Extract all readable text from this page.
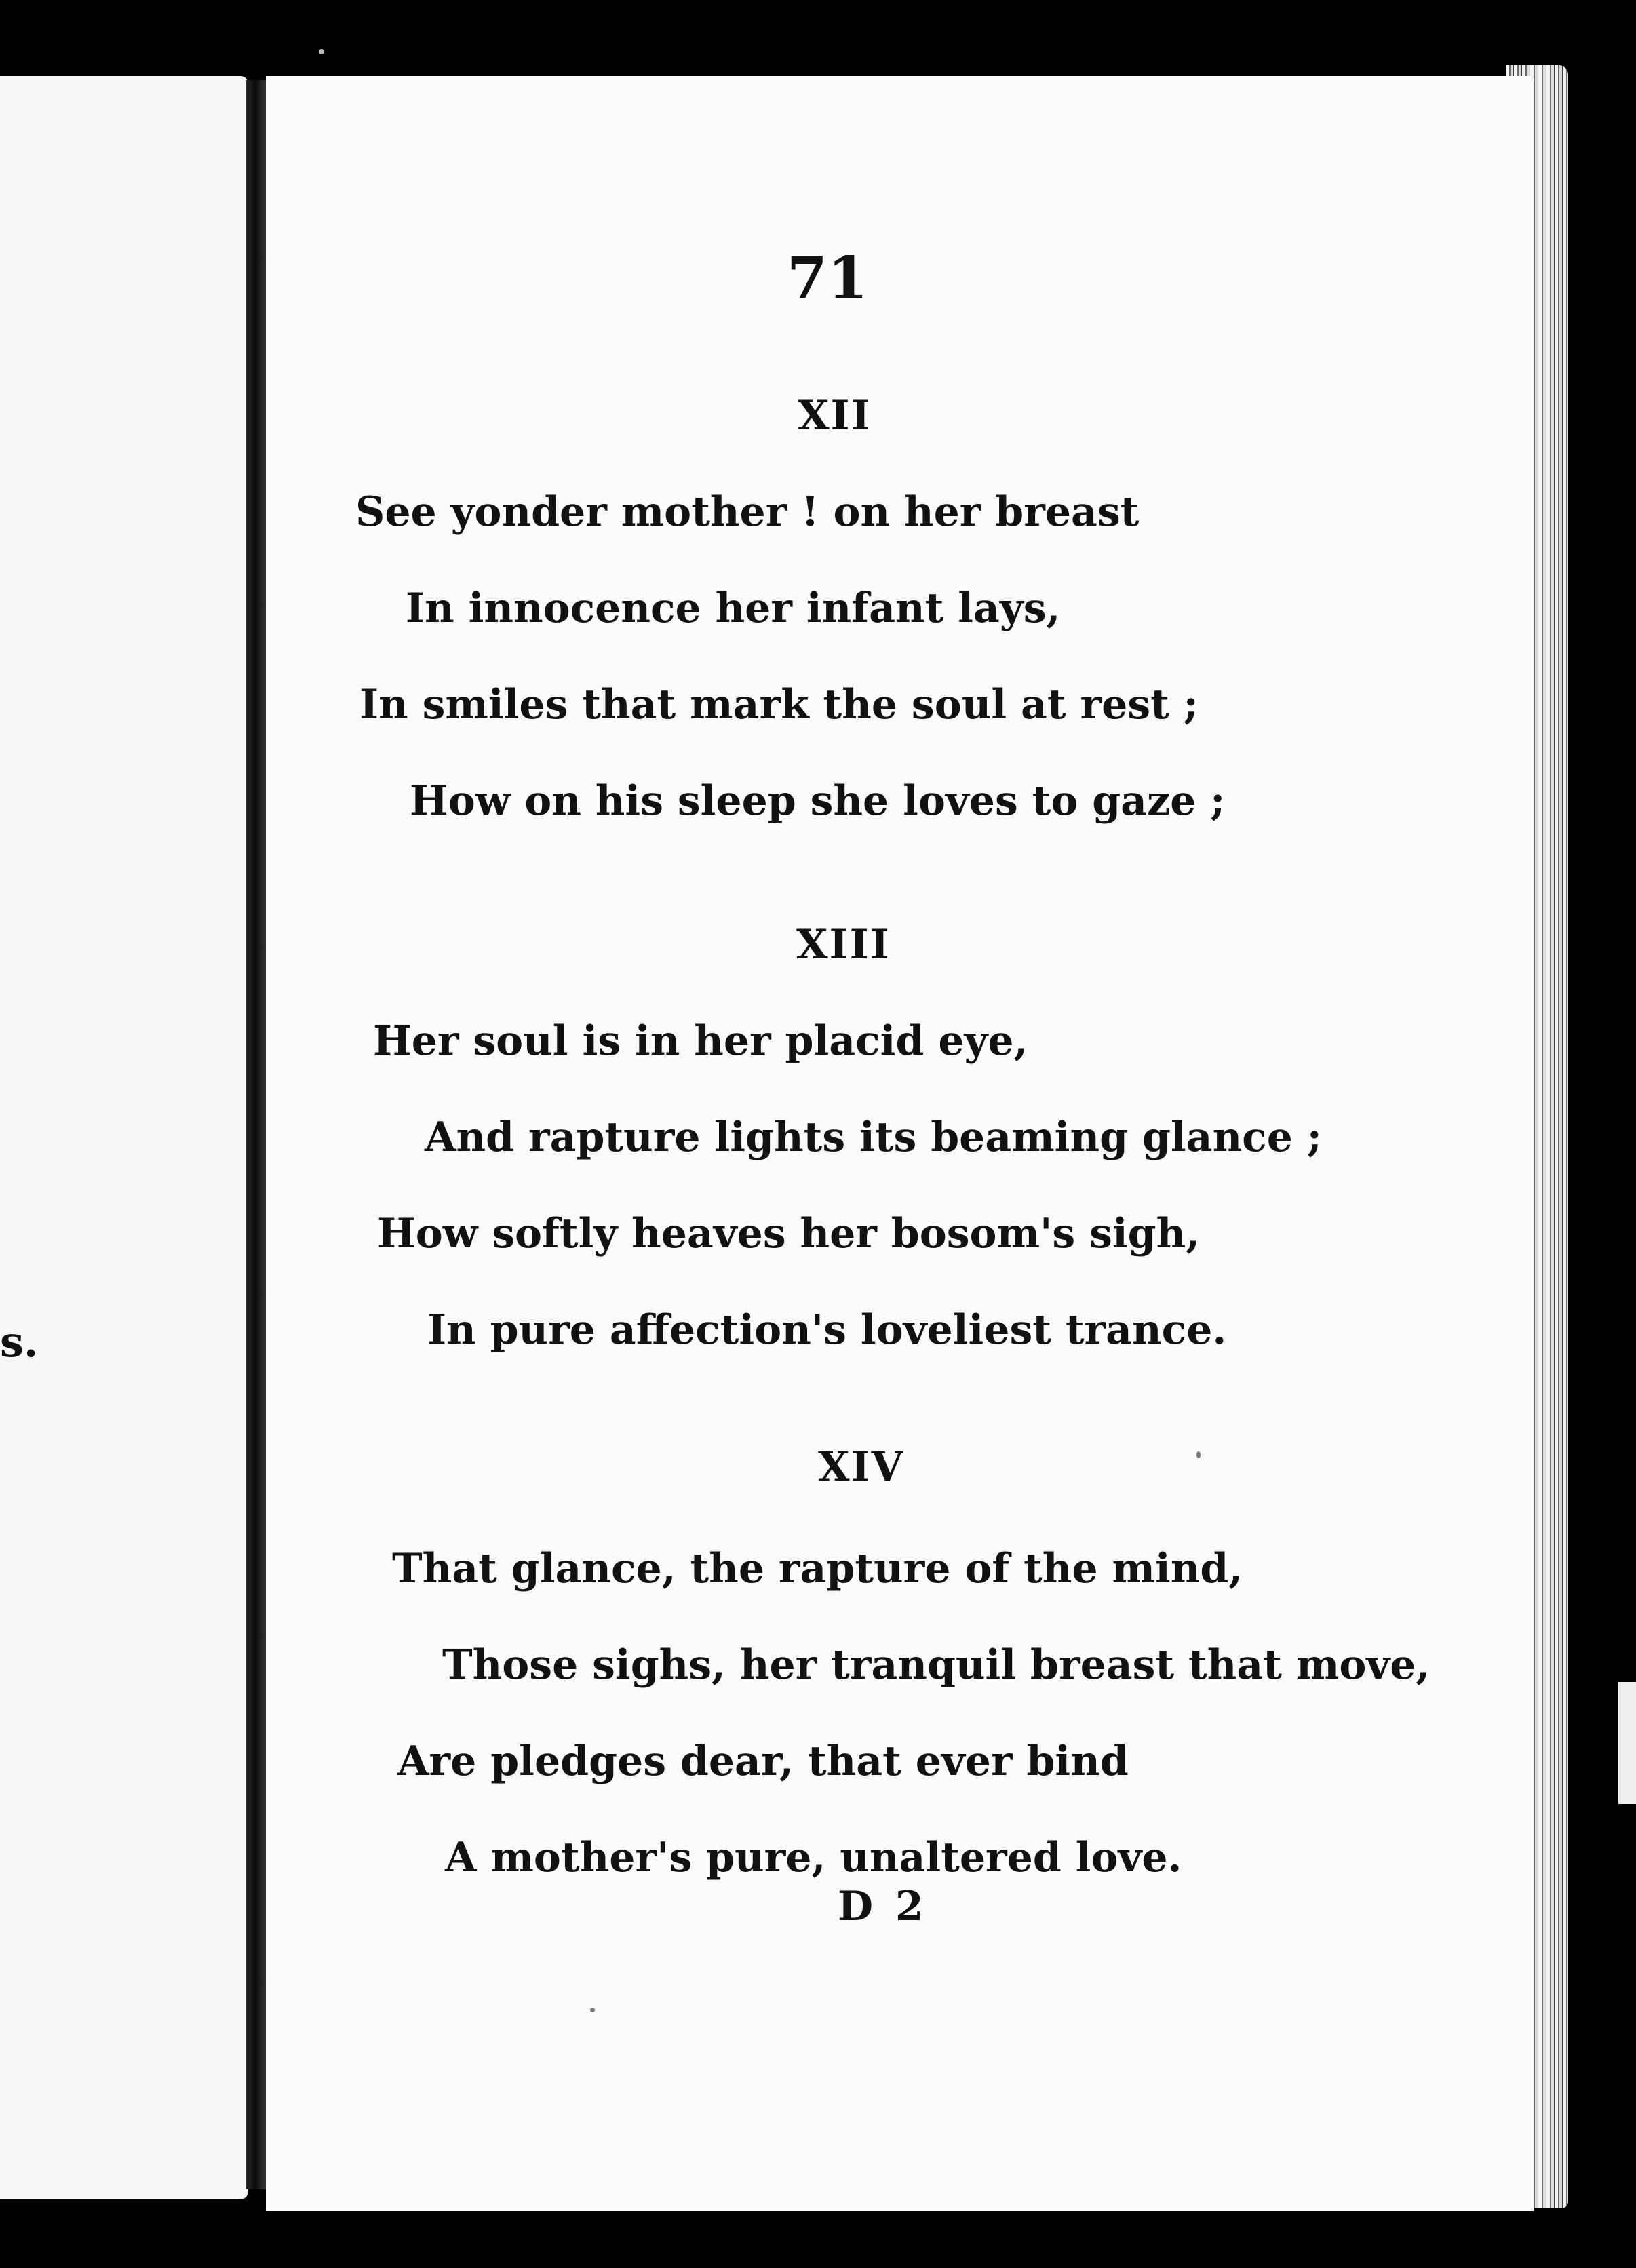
s.
71
XII
See yonder mother ! on her breast
In innocence her infant lays,
In smiles that mark the soul at rest ;
How on his sleep she loves to gaze ;
XIII
Her soul is in her placid eye,
And rapture lights its beaming glance ;
How softly heaves her bosom's sigh,
In pure affection's loveliest trance.
XIV
That glance, the rapture of the mind,
Those sighs, her tranquil breast that move,
Are pledges dear, that ever bind
A mother's pure, unaltered love.
D 2
